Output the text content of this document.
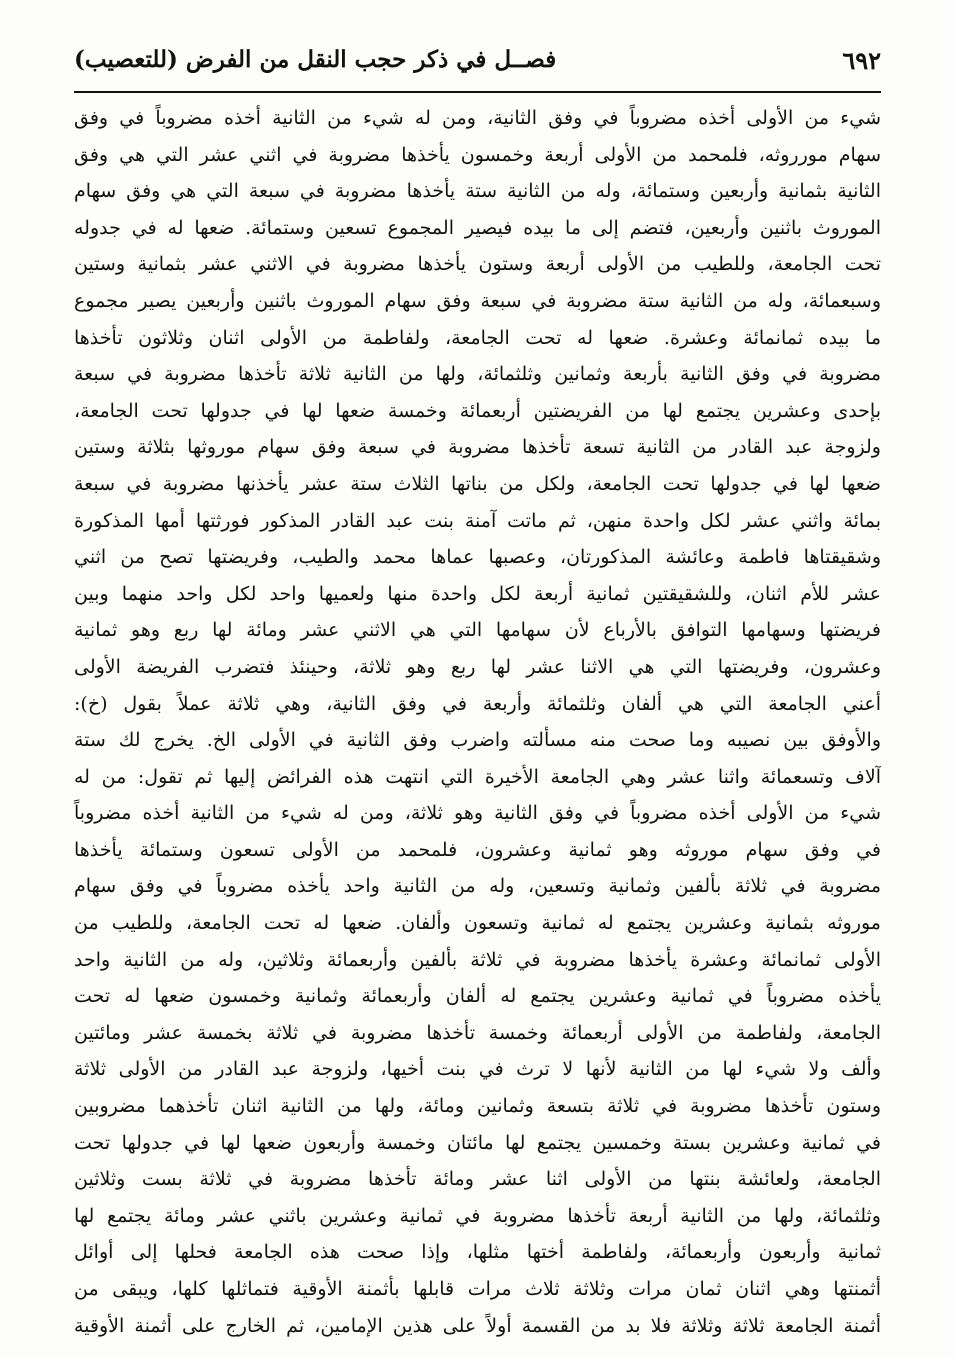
٦٩٢
فصــل في ذكر حجب النقل من الفرض (للتعصيب)
شيء من الأولى أخذه مضروباً في وفق الثانية، ومن له شيء من الثانية أخذه مضروباً في وفق
سهام مورروثه، فلمحمد من الأولى أربعة وخمسون يأخذها مضروبة في اثني عشر التي هي وفق
الثانية بثمانية وأربعين وستمائة، وله من الثانية ستة يأخذها مضروبة في سبعة التي هي وفق سهام
الموروث باثنين وأربعين، فتضم إلى ما بيده فيصير المجموع تسعين وستمائة. ضعها له في جدوله
تحت الجامعة، وللطيب من الأولى أربعة وستون يأخذها مضروبة في الاثني عشر بثمانية وستين
وسبعمائة، وله من الثانية ستة مضروبة في سبعة وفق سهام الموروث باثنين وأربعين يصير مجموع
ما بيده ثمانمائة وعشرة. ضعها له تحت الجامعة، ولفاطمة من الأولى اثنان وثلاثون تأخذها
مضروبة في وفق الثانية بأربعة وثمانين وثلثمائة، ولها من الثانية ثلاثة تأخذها مضروبة في سبعة
بإحدى وعشرين يجتمع لها من الفريضتين أربعمائة وخمسة ضعها لها في جدولها تحت الجامعة،
ولزوجة عبد القادر من الثانية تسعة تأخذها مضروبة في سبعة وفق سهام موروثها بثلاثة وستين
ضعها لها في جدولها تحت الجامعة، ولكل من بناتها الثلاث ستة عشر يأخذنها مضروبة في سبعة
بمائة واثني عشر لكل واحدة منهن، ثم ماتت آمنة بنت عبد القادر المذكور فورثتها أمها المذكورة
وشقيقتاها فاطمة وعائشة المذكورتان، وعصبها عماها محمد والطيب، وفريضتها تصح من اثني
عشر للأم اثنان، وللشقيقتين ثمانية أربعة لكل واحدة منها ولعميها واحد لكل واحد منهما وبين
فريضتها وسهامها التوافق بالأرباع لأن سهامها التي هي الاثني عشر ومائة لها ربع وهو ثمانية
وعشرون، وفريضتها التي هي الاثنا عشر لها ربع وهو ثلاثة، وحينئذ فتضرب الفريضة الأولى
أعني الجامعة التي هي ألفان وثلثمائة وأربعة في وفق الثانية، وهي ثلاثة عملاً بقول (خ):
والأوفق بين نصيبه وما صحت منه مسألته واضرب وفق الثانية في الأولى الخ. يخرج لك ستة
آلاف وتسعمائة واثنا عشر وهي الجامعة الأخيرة التي انتهت هذه الفرائض إليها ثم تقول: من له
شيء من الأولى أخذه مضروباً في وفق الثانية وهو ثلاثة، ومن له شيء من الثانية أخذه مضروباً
في وفق سهام موروثه وهو ثمانية وعشرون، فلمحمد من الأولى تسعون وستمائة يأخذها
مضروبة في ثلاثة بألفين وثمانية وتسعين، وله من الثانية واحد يأخذه مضروباً في وفق سهام
موروثه بثمانية وعشرين يجتمع له ثمانية وتسعون وألفان. ضعها له تحت الجامعة، وللطيب من
الأولى ثمانمائة وعشرة يأخذها مضروبة في ثلاثة بألفين وأربعمائة وثلاثين، وله من الثانية واحد
يأخذه مضروباً في ثمانية وعشرين يجتمع له ألفان وأربعمائة وثمانية وخمسون ضعها له تحت
الجامعة، ولفاطمة من الأولى أربعمائة وخمسة تأخذها مضروبة في ثلاثة بخمسة عشر ومائتين
وألف ولا شيء لها من الثانية لأنها لا ترث في بنت أخيها، ولزوجة عبد القادر من الأولى ثلاثة
وستون تأخذها مضروبة في ثلاثة بتسعة وثمانين ومائة، ولها من الثانية اثنان تأخذهما مضروبين
في ثمانية وعشرين بستة وخمسين يجتمع لها مائتان وخمسة وأربعون ضعها لها في جدولها تحت
الجامعة، ولعائشة بنتها من الأولى اثنا عشر ومائة تأخذها مضروبة في ثلاثة بست وثلاثين
وثلثمائة، ولها من الثانية أربعة تأخذها مضروبة في ثمانية وعشرين باثني عشر ومائة يجتمع لها
ثمانية وأربعون وأربعمائة، ولفاطمة أختها مثلها، وإذا صحت هذه الجامعة فحلها إلى أوائل
أثمنتها وهي اثنان ثمان مرات وثلاثة ثلاث مرات قابلها بأثمنة الأوقية فتماثلها كلها، ويبقى من
أثمنة الجامعة ثلاثة وثلاثة فلا بد من القسمة أولاً على هذين الإمامين، ثم الخارج على أثمنة الأوقية
